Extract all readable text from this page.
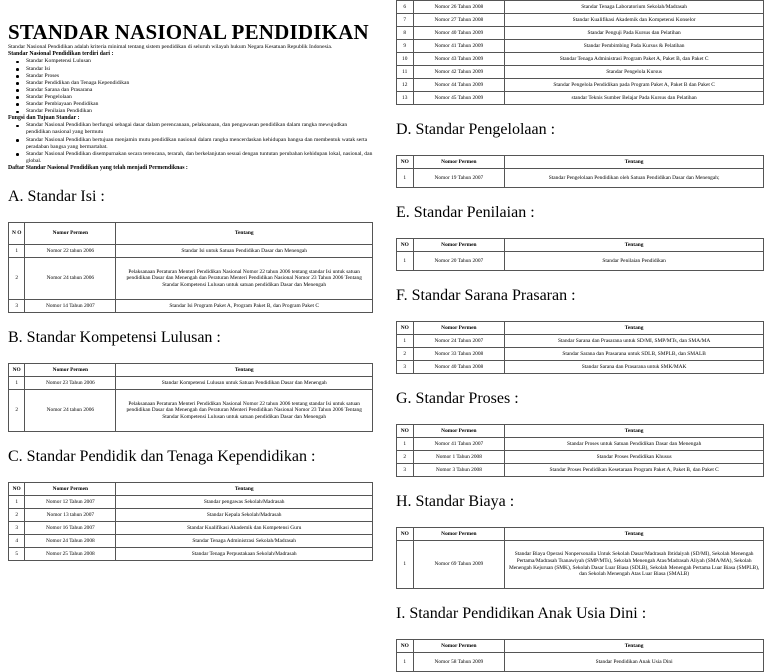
STANDAR NASIONAL PENDIDIKAN

Standar Nasional Pendidikan adalah kriteria minimal tentang sistem pendidikan di seluruh wilayah hukum Negara Kesatuan Republik Indonesia.

Standar Nasional Pendidikan terdiri dari :

Standar Kompetensi Lulusan
Standar Isi
Standar Proses
Standar Pendidikan dan Tenaga Kependidikan
Standar Sarana dan Prasarana
Standar Pengelolaan
Standar Pembiayaan Pendidikan
Standar Penilaian Pendidikan

Fungsi dan Tujuan Standar :

Standar Nasional Pendidikan berfungsi sebagai dasar dalam perencanaan, pelaksanaan, dan pengawasan pendidikan dalam rangka mewujudkan pendidikan nasional yang bermutu
Standar Nasional Pendidikan bertujuan menjamin mutu pendidikan nasional dalam rangka mencerdaskan kehidupan bangsa dan membentuk watak serta peradaban bangsa yang bermartabat.
Standar Nasional Pendidikan disempurnakan secara terencana, terarah, dan berkelanjutan sesuai dengan tuntutan perubahan kehidupan lokal, nasional, dan global.

Daftar Standar Nasional Pendidikan yang telah menjadi Permendiknas :

A. Standar Isi :

N O	Nomor Permen	Tentang
1	Nomor 22 tahun 2006	Standar Isi untuk Satuan Pendidikan Dasar dan Menengah
2	Nomor 24 tahun 2006	Pelaksanaan Peraturan Menteri Pendidikan Nasional Nomor 22 tahun 2006 tentang standar Isi untuk satuan pendidikan Dasar dan Menengah dan Peraturan Menteri Pendidikan Nasional Nomor 23 Tahun 2006 Tentang Standar Kompetensi Lulusan untuk satuan pendidikan Dasar dan Menengah
3	Nomor 14 Tahun 2007	Standar Isi Program Paket A, Program Paket B, dan Program Paket C

B. Standar Kompetensi Lulusan :

NO	Nomor Permen	Tentang
1	Nomor 23 Tahun 2006	Standar Kompetensi Lulusan untuk Satuan Pendidikan Dasar dan Menengah
2	Nomor 24 tahun 2006	Pelaksanaan Peraturan Menteri Pendidikan Nasional Nomor 22 tahun 2006 tentang standar Isi untuk satuan pendidikan Dasar dan Menengah dan Peraturan Menteri Pendidikan Nasional Nomor 23 Tahun 2006 Tentang Standar Kompetensi Lulusan untuk satuan pendidikan Dasar dan Menengah

C. Standar Pendidik dan Tenaga Kependidikan :

NO	Nomor Permen	Tentang
1	Nomor 12 Tahun 2007	Standar pengawas Sekolah/Madrasah
2	Nomor 13 tahun 2007	Standar Kepala Sekolah/Madrasah
3	Nomor 16 Tahun 2007	Standar Kualifikasi Akademik dan Kompetensi Guru
4	Nomor 24 Tahun 2008	Standar Tenaga Administrasi Sekolah/Madrasah
5	Nomor 25 Tahun 2008	Standar Tenaga Perpustakaan Sekolah/Madrasah
6	Nomor 26 Tahun 2008	Standar Tenaga Laboratorium Sekolah/Madrasah
7	Nomor 27 Tahun 2008	Standar Kualifikasi Akademik dan Kompetensi Konselor
8	Nomor 40 Tahun 2009	Standar Penguji Pada Kursus dan Pelatihan
9	Nomor 41 Tahun 2009	Standar Pembimbing Pada Kursus & Pelatihan
10	Nomor 43 Tahun 2009	Standar Tenaga Administrasi Program Paket A, Paket B, dan Paket C
11	Nomor 42 Tahun 2009	Standar Pengelola Kursus
12	Nomor 44 Tahun 2009	Standar Pengelola Pendidikan pada Program Paket A, Paket B dan Paket C
13	Nomor 45 Tahun 2009	standar Teknis Sumber Belajar Pada Kursus dan Pelatihan

D. Standar Pengelolaan :

NO	Nomor Permen	Tentang
1	Nomor 19 Tahun 2007	Standar Pengelolaan Pendidikan oleh Satuan Pendidikan Dasar dan Menengah;

E. Standar Penilaian :

NO	Nomor Permen	Tentang
1	Nomor 20 Tahun 2007	Standar Penilaian Pendidikan

F. Standar Sarana Prasaran :

NO	Nomor Permen	Tentang
1	Nomor 24 Tahun 2007	Standar Sarana dan Prasarana untuk SD/MI, SMP/MTs, dan SMA/MA
2	Nomor 33 Tahun 2008	Standar Sarana dan Prasarana untuk SDLB, SMPLB, dan SMALB
3	Nomor 40 Tahun 2008	Standar Sarana dan Prasarana untuk SMK/MAK

G. Standar Proses :

NO	Nomor Permen	Tentang
1	Nomor 41 Tahun 2007	Standar Proses untuk Satuan Pendidikan Dasar dan Menengah
2	Nomor 1 Tahun 2008	Standar Proses Pendidikan Khusus
3	Nomor 3 Tahun 2008	Standar Proses Pendidikan Kesetaraan Program Paket A, Paket B, dan Paket C

H. Standar Biaya :

NO	Nomor Permen	Tentang
1	Nomor 69 Tahun 2009	Standar Biaya Operasi Nonpersonalia Untuk Sekolah Dasar/Madrasah Ibtidaiyah (SD/MI), Sekolah Menengah Pertama/Madrasah Tsanawiyah (SMP/MTs), Sekolah Menengah Atas/Madrasah Aliyah (SMA/MA), Sekolah Menengah Kejuruan (SMK), Sekolah Dasar Luar Biasa (SDLB), Sekolah Menengah Pertama Luar Biasa (SMPLB), dan Sekolah Menengah Atas Luar Biasa (SMALB)

I. Standar Pendidikan Anak Usia Dini :

NO	Nomor Permen	Tentang
1	Nomor 58 Tahun 2009	Standar Pendidikan Anak Usia Dini
